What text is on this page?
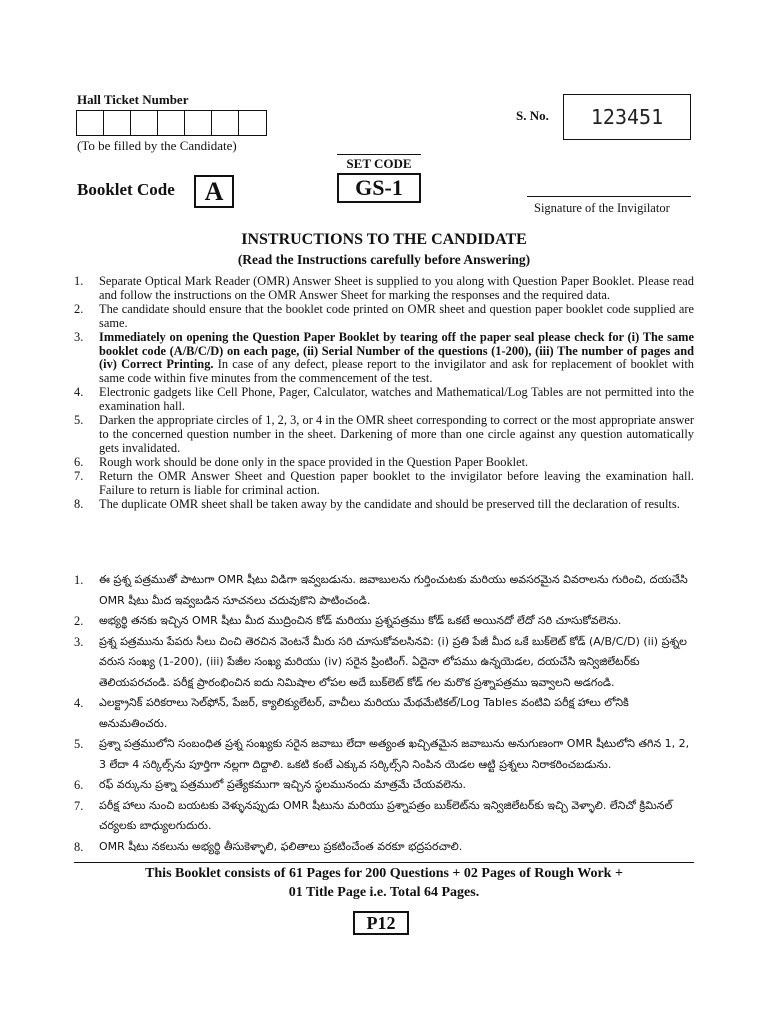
Hall Ticket Number
(To be filled by the Candidate)
S. No.	123451
SET CODE
GS-1
Booklet Code	A
Signature of the Invigilator
INSTRUCTIONS TO THE CANDIDATE
(Read the Instructions carefully before Answering)
1.	Separate Optical Mark Reader (OMR) Answer Sheet is supplied to you along with Question Paper Booklet. Please read and follow the instructions on the OMR Answer Sheet for marking the responses and the required data.
2.	The candidate should ensure that the booklet code printed on OMR sheet and question paper booklet code supplied are same.
3.	Immediately on opening the Question Paper Booklet by tearing off the paper seal please check for (i) The same booklet code (A/B/C/D) on each page, (ii) Serial Number of the questions (1-200), (iii) The number of pages and (iv) Correct Printing. In case of any defect, please report to the invigilator and ask for replacement of booklet with same code within five minutes from the commencement of the test.
4.	Electronic gadgets like Cell Phone, Pager, Calculator, watches and Mathematical/Log Tables are not permitted into the examination hall.
5.	Darken the appropriate circles of 1, 2, 3, or 4 in the OMR sheet corresponding to correct or the most appropriate answer to the concerned question number in the sheet. Darkening of more than one circle against any question automatically gets invalidated.
6.	Rough work should be done only in the space provided in the Question Paper Booklet.
7.	Return the OMR Answer Sheet and Question paper booklet to the invigilator before leaving the examination hall. Failure to return is liable for criminal action.
8.	The duplicate OMR sheet shall be taken away by the candidate and should be preserved till the declaration of results.
1.	ఈ ప్రశ్న పత్రముతో పాటుగా OMR షీటు విడిగా ఇవ్వబడును. జవాబులను గుర్తించుటకు మరియు అవసరమైన వివరాలను గురించి, దయచేసి OMR షీటు మీద ఇవ్వబడిన సూచనలు చదువుకొని పాటించండి.
2.	అభ్యర్థి తనకు ఇచ్చిన OMR షీటు మీద ముద్రించిన కోడ్ మరియు ప్రశ్నపత్రము కోడ్ ఒకటే అయినదో లేదో సరి చూసుకోవలెను.
3.	ప్రశ్న పత్రమును పేపరు సీలు చించి తెరచిన వెంటనే మీరు సరి చూసుకోవలసినవి: (i) ప్రతి పేజీ మీద ఒకే బుక్‌లెట్ కోడ్ (A/B/C/D) (ii) ప్రశ్నల వరుస సంఖ్య (1-200), (iii) పేజీల సంఖ్య మరియు (iv) సరైన ప్రింటింగ్. ఏదైనా లోపము ఉన్నయెడల, దయచేసి ఇన్విజిలేటర్‌కు తెలియపరచండి. పరీక్ష ప్రారంభించిన ఐదు నిమిషాల లోపల అదే బుక్‌లెట్ కోడ్ గల మరొక ప్రశ్నాపత్రము ఇవ్వాలని అడగండి.
4.	ఎలక్ట్రానిక్ పరికరాలు సెల్‌ఫోన్, పేజర్, క్యాలిక్యులేటర్, వాచీలు మరియు మేథమేటికల్/Log Tables వంటివి పరీక్ష హాలు లోనికి అనుమతించరు.
5.	ప్రశ్నా పత్రములోని సంబంధిత ప్రశ్న సంఖ్యకు సరైన జవాబు లేదా అత్యంత ఖచ్చితమైన జవాబును అనుగుణంగా OMR షీటులోని తగిన 1, 2, 3 లేదా 4 సర్కిల్స్‌ను పూర్తిగా నల్లగా దిద్దాలి. ఒకటి కంటే ఎక్కువ సర్కిల్స్‌ని నింపిన యెడల ఆట్టి ప్రశ్నలు నిరాకరించబడును.
6.	రఫ్ వర్కును ప్రశ్నా పత్రములో ప్రత్యేకముగా ఇచ్చిన స్థలమునందు మాత్రమే చేయవలెను.
7.	పరీక్ష హాలు నుంచి బయటకు వెళ్ళునప్పుడు OMR షీటును మరియు ప్రశ్నాపత్రం బుక్‌లెట్‌ను ఇన్విజిలేటర్‌కు ఇచ్చి వెళ్ళాలి. లేనిచో క్రిమినల్ చర్యలకు బాధ్యులగుదురు.
8.	OMR షీటు నకలును అభ్యర్థి తీసుకెళ్ళాలి, ఫలితాలు ప్రకటించేంత వరకూ భద్రపరచాలి.
This Booklet consists of 61 Pages for 200 Questions + 02 Pages of Rough Work +
01 Title Page i.e. Total 64 Pages.
P12
